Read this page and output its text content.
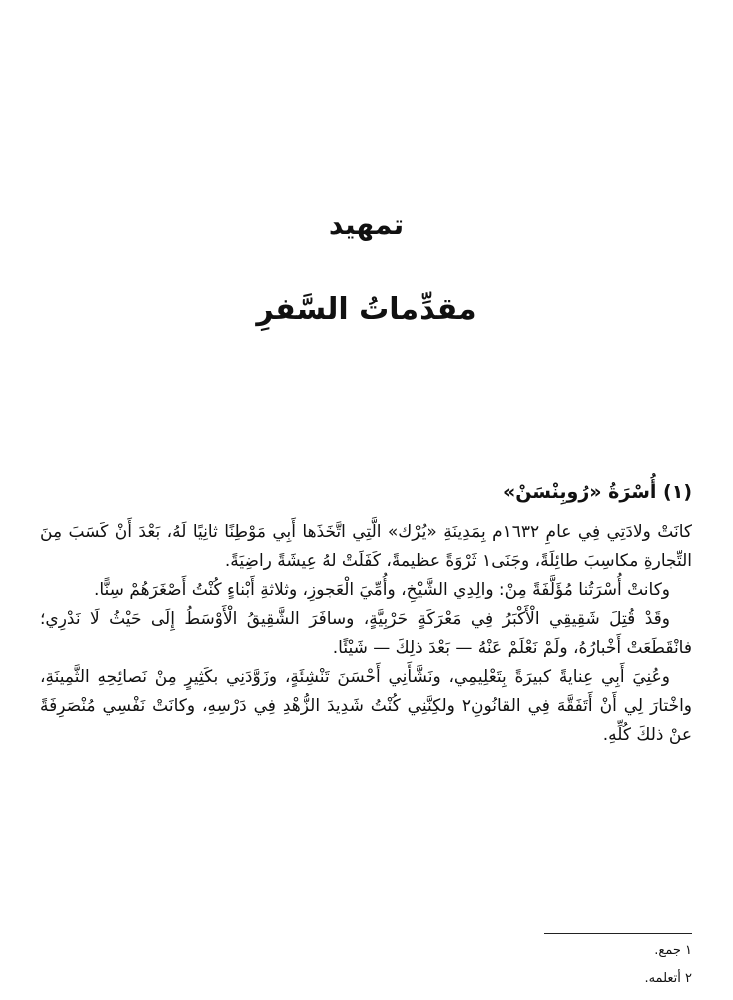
تمهيد
مقدِّماتُ السَّفرِ
(١) أُسْرَةُ «رُوبِنْسَنْ»

كانَتْ ولادَتِي فِي عامِ ١٦٣٢م بِمَدِينَةِ «يُرْك» الَّتِي اتَّخَذَها أَبِي مَوْطِنًا ثانِيًا لَهُ، بَعْدَ أَنْ كَسَبَ مِنَ التِّجارةِ مكاسِبَ طائِلَةً، وجَنَى١ ثَرْوَةً عظيمةً، كَفَلَتْ لهُ عِيشَةً راضِيَةً.

وكانتْ أُسْرَتُنا مُؤَلَّفَةً مِنْ: والِدِي الشَّيْخِ، وأُمِّيَ الْعَجوزِ، وثلاثةِ أَبْناءٍ كُنْتُ أَصْغَرَهُمْ سِنًّا.

وقَدْ قُتِلَ شَقِيقِي الْأَكْبَرُ فِي مَعْرَكَةٍ حَرْبِيَّةٍ، وسافَرَ الشَّقِيقُ الْأَوْسَطُ إِلَى حَيْثُ لَا نَدْرِي؛ فانْقَطَعَتْ أَخْبارُهُ، ولَمْ نَعْلَمْ عَنْهُ — بَعْدَ ذلِكَ — شَيْئًا.

وعُنِيَ أَبِي عِنايةً كبيرَةً بِتَعْلِيمِي، ونَشَّأَنِي أَحْسَنَ تَنْشِئَةٍ، وزَوَّدَنِي بكَثِيرٍ مِنْ نَصائِحِهِ الثَّمِينَةِ، واخْتارَ لِي أَنْ أَتَفَقَّهَ فِي القانُونِ٢ ولكِنَّنِي كُنْتُ شَدِيدَ الزُّهْدِ فِي دَرْسِهِ، وكانَتْ نَفْسِي مُنْصَرِفَةً عنْ ذلكَ كُلِّهِ.

١ جمع.
٢ أتعلمه.
